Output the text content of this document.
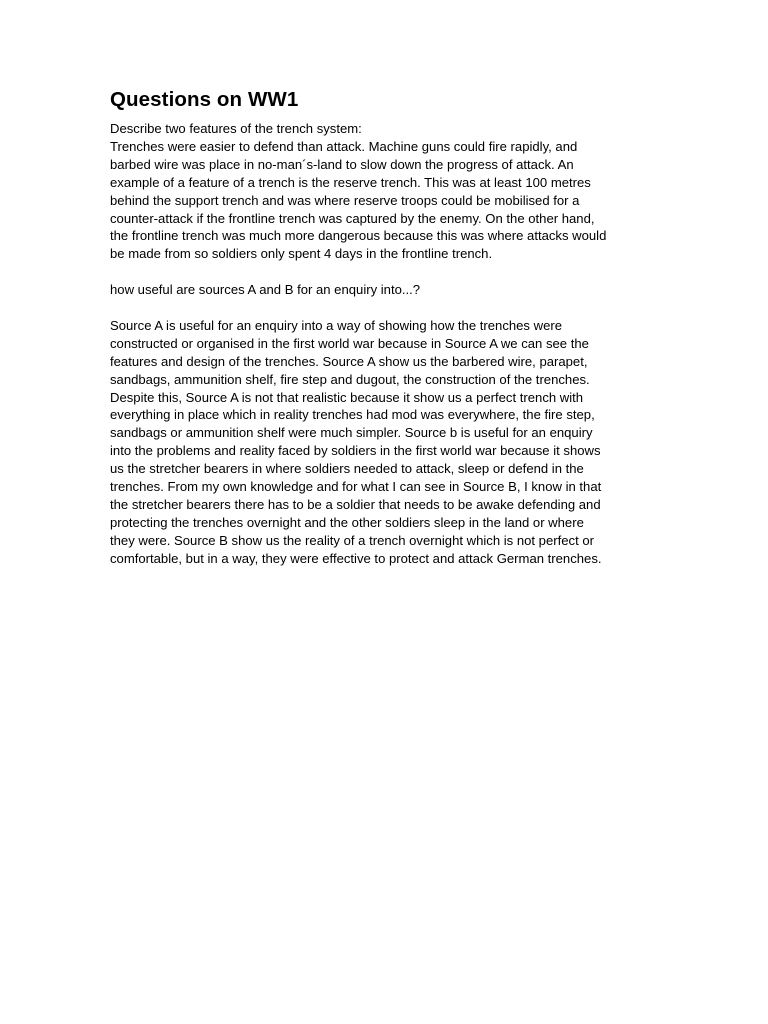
Questions on WW1
Describe two features of the trench system:
Trenches were easier to defend than attack. Machine guns could fire rapidly, and
barbed wire was place in no-man´s-land to slow down the progress of attack. An
example of a feature of a trench is the reserve trench. This was at least 100 metres
behind the support trench and was where reserve troops could be mobilised for a
counter-attack if the frontline trench was captured by the enemy. On the other hand,
the frontline trench was much more dangerous because this was where attacks would
be made from so soldiers only spent 4 days in the frontline trench.
how useful are sources A and B for an enquiry into...?
Source A is useful for an enquiry into a way of showing how the trenches were
constructed or organised in the first world war because in Source A we can see the
features and design of the trenches. Source A show us the barbered wire, parapet,
sandbags, ammunition shelf, fire step and dugout, the construction of the trenches.
Despite this, Source A is not that realistic because it show us a perfect trench with
everything in place which in reality trenches had mod was everywhere, the fire step,
sandbags or ammunition shelf were much simpler. Source b is useful for an enquiry
into the problems and reality faced by soldiers in the first world war because it shows
us the stretcher bearers in where soldiers needed to attack, sleep or defend in the
trenches. From my own knowledge and for what I can see in Source B, I know in that
the stretcher bearers there has to be a soldier that needs to be awake defending and
protecting the trenches overnight and the other soldiers sleep in the land or where
they were. Source B show us the reality of a trench overnight which is not perfect or
comfortable, but in a way, they were effective to protect and attack German trenches.
